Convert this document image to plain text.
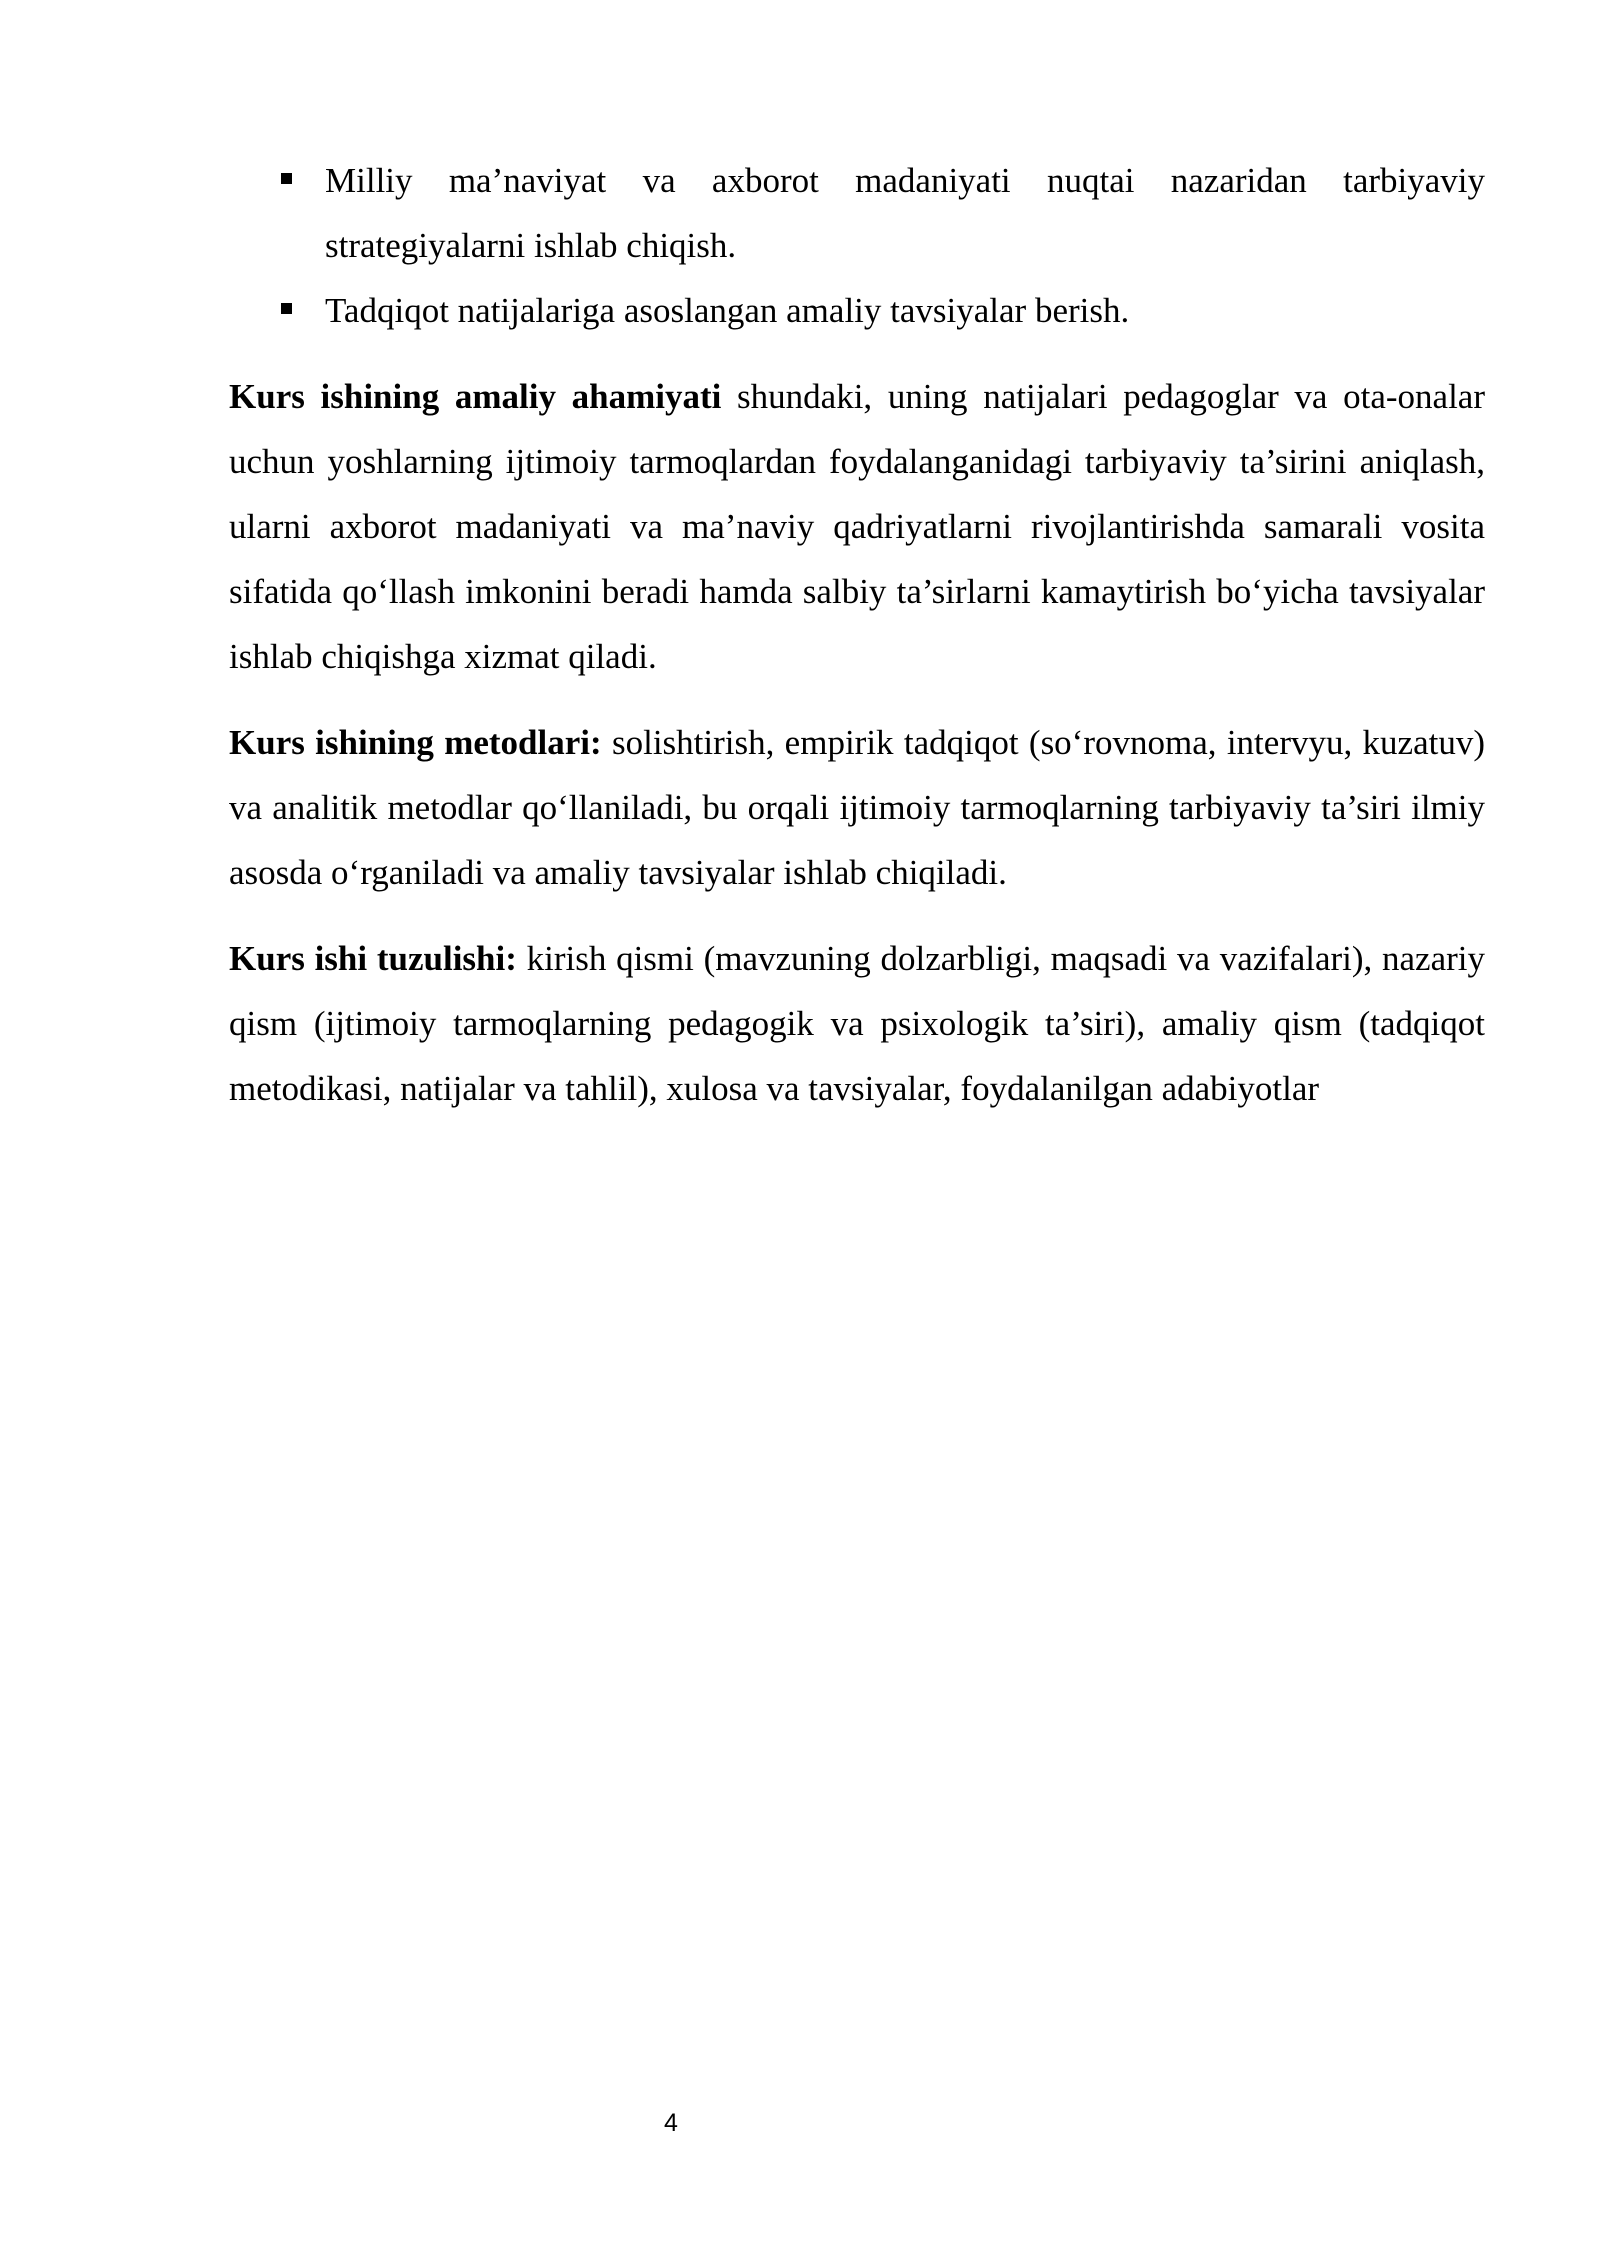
Milliy ma’naviyat va axborot madaniyati nuqtai nazaridan tarbiyaviy strategiyalarni ishlab chiqish.
Tadqiqot natijalariga asoslangan amaliy tavsiyalar berish.

Kurs ishining amaliy ahamiyati shundaki, uning natijalari pedagoglar va ota-onalar uchun yoshlarning ijtimoiy tarmoqlardan foydalanganidagi tarbiyaviy ta’sirini aniqlash, ularni axborot madaniyati va ma’naviy qadriyatlarni rivojlantirishda samarali vosita sifatida qo‘llash imkonini beradi hamda salbiy ta’sirlarni kamaytirish bo‘yicha tavsiyalar ishlab chiqishga xizmat qiladi.

Kurs ishining metodlari: solishtirish, empirik tadqiqot (so‘rovnoma, intervyu, kuzatuv) va analitik metodlar qo‘llaniladi, bu orqali ijtimoiy tarmoqlarning tarbiyaviy ta’siri ilmiy asosda o‘rganiladi va amaliy tavsiyalar ishlab chiqiladi.

Kurs ishi tuzulishi: kirish qismi (mavzuning dolzarbligi, maqsadi va vazifalari), nazariy qism (ijtimoiy tarmoqlarning pedagogik va psixologik ta’siri), amaliy qism (tadqiqot metodikasi, natijalar va tahlil), xulosa va tavsiyalar, foydalanilgan adabiyotlar

4
